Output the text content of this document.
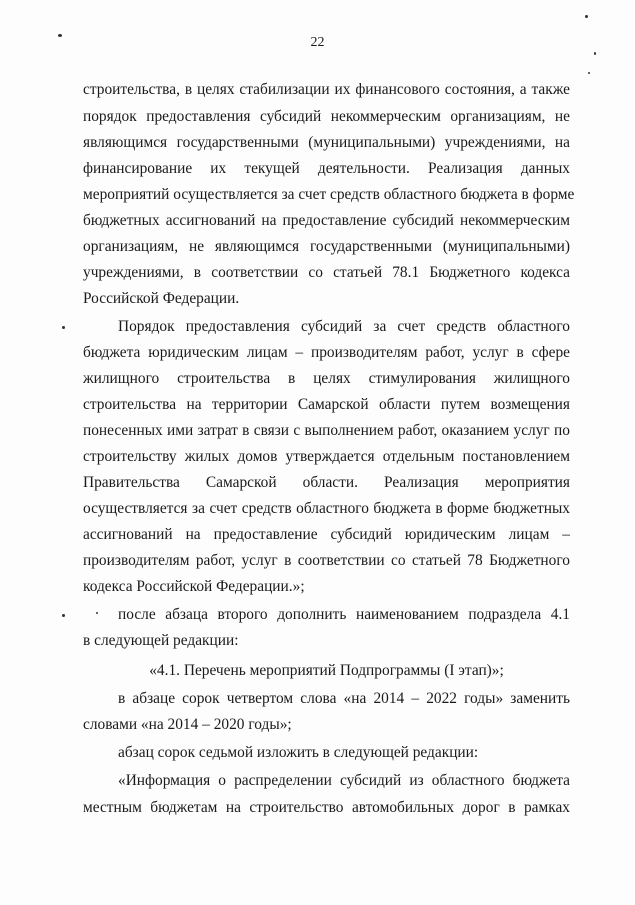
22
строительства, в целях стабилизации их финансового состояния, а также
порядок предоставления субсидий некоммерческим организациям, не
являющимся государственными (муниципальными) учреждениями, на
финансирование их текущей деятельности. Реализация данных
мероприятий осуществляется за счет средств областного бюджета в форме
бюджетных ассигнований на предоставление субсидий некоммерческим
организациям, не являющимся государственными (муниципальными)
учреждениями, в соответствии со статьей 78.1 Бюджетного кодекса
Российской Федерации.
Порядок предоставления субсидий за счет средств областного
бюджета юридическим лицам – производителям работ, услуг в сфере
жилищного строительства в целях стимулирования жилищного
строительства на территории Самарской области путем возмещения
понесенных ими затрат в связи с выполнением работ, оказанием услуг по
строительству жилых домов утверждается отдельным постановлением
Правительства Самарской области. Реализация мероприятия
осуществляется за счет средств областного бюджета в форме бюджетных
ассигнований на предоставление субсидий юридическим лицам –
производителям работ, услуг в соответствии со статьей 78 Бюджетного
кодекса Российской Федерации.»;
после абзаца второго дополнить наименованием подраздела 4.1
в следующей редакции:
«4.1. Перечень мероприятий Подпрограммы (I этап)»;
в абзаце сорок четвертом слова «на 2014 – 2022 годы» заменить
словами «на 2014 – 2020 годы»;
абзац сорок седьмой изложить в следующей редакции:
«Информация о распределении субсидий из областного бюджета
местным бюджетам на строительство автомобильных дорог в рамках
